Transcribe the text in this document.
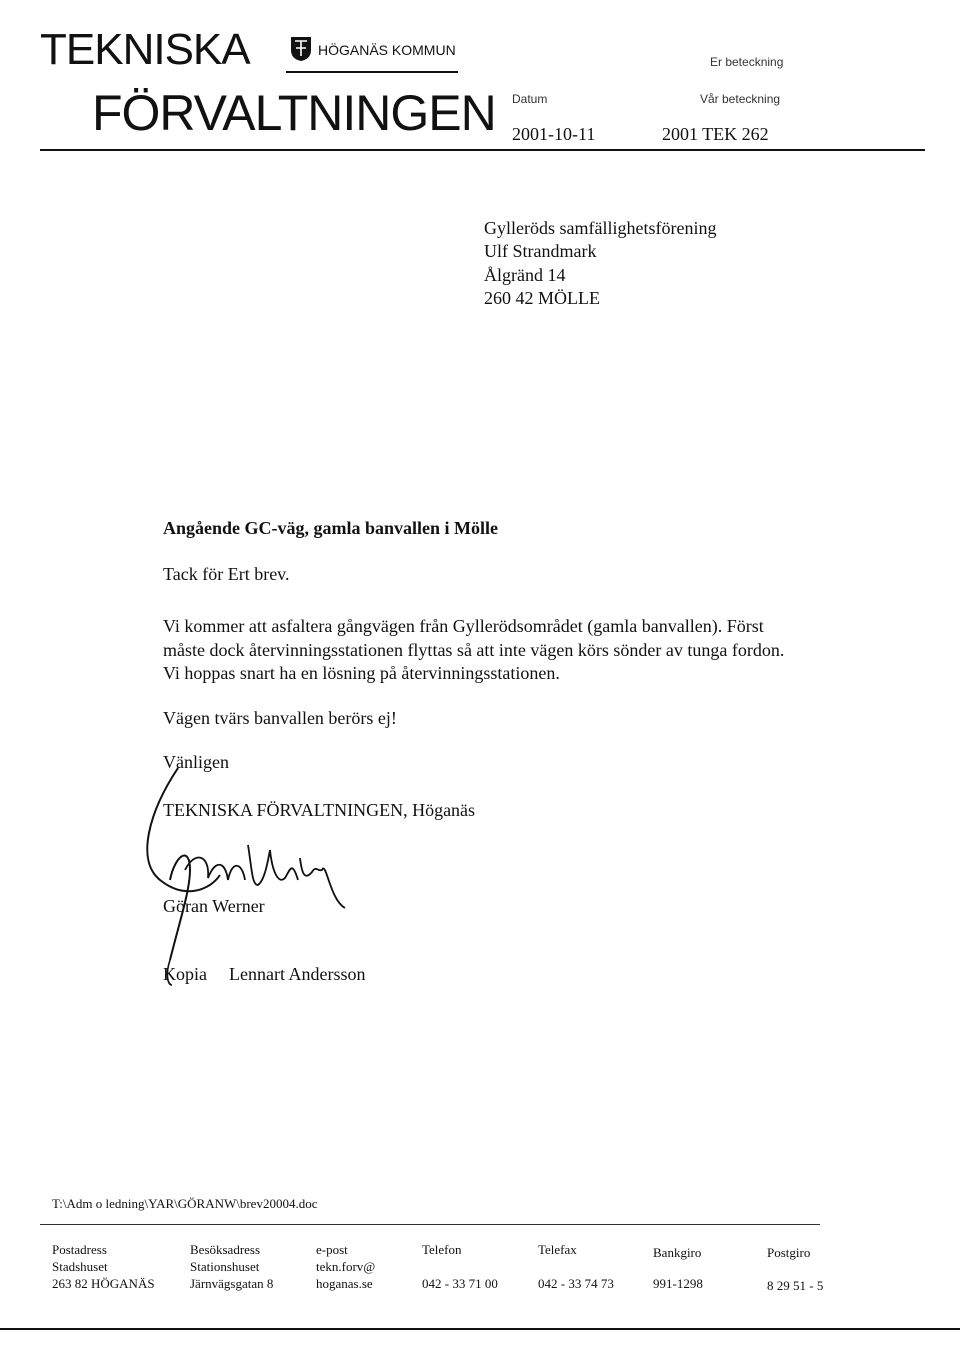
TEKNISKA
FÖRVALTNINGEN
HÖGANÄS KOMMUN
Er beteckning
Datum	Vår beteckning
2001-10-11	2001 TEK 262
Gylleröds samfällighetsförening
Ulf Strandmark
Ålgränd 14
260 42 MÖLLE
Angående GC-väg, gamla banvallen i Mölle
Tack för Ert brev.
Vi kommer att asfaltera gångvägen från Gyllerödsområdet (gamla banvallen). Först
måste dock återvinningsstationen flyttas så att inte vägen körs sönder av tunga fordon.
Vi hoppas snart ha en lösning på återvinningsstationen.
Vägen tvärs banvallen berörs ej!
Vänligen
TEKNISKA FÖRVALTNINGEN, Höganäs
Göran Werner
Kopia Lennart Andersson
T:\Adm o ledning\YAR\GÖRANW\brev20004.doc
Postadress
Stadshuset
263 82 HÖGANÄS
Besöksadress
Stationshuset
Järnvägsgatan 8
e-post
tekn.forv@
hoganas.se
Telefon
042 - 33 71 00
Telefax
042 - 33 74 73
Bankgiro
991-1298
Postgiro
8 29 51 - 5
